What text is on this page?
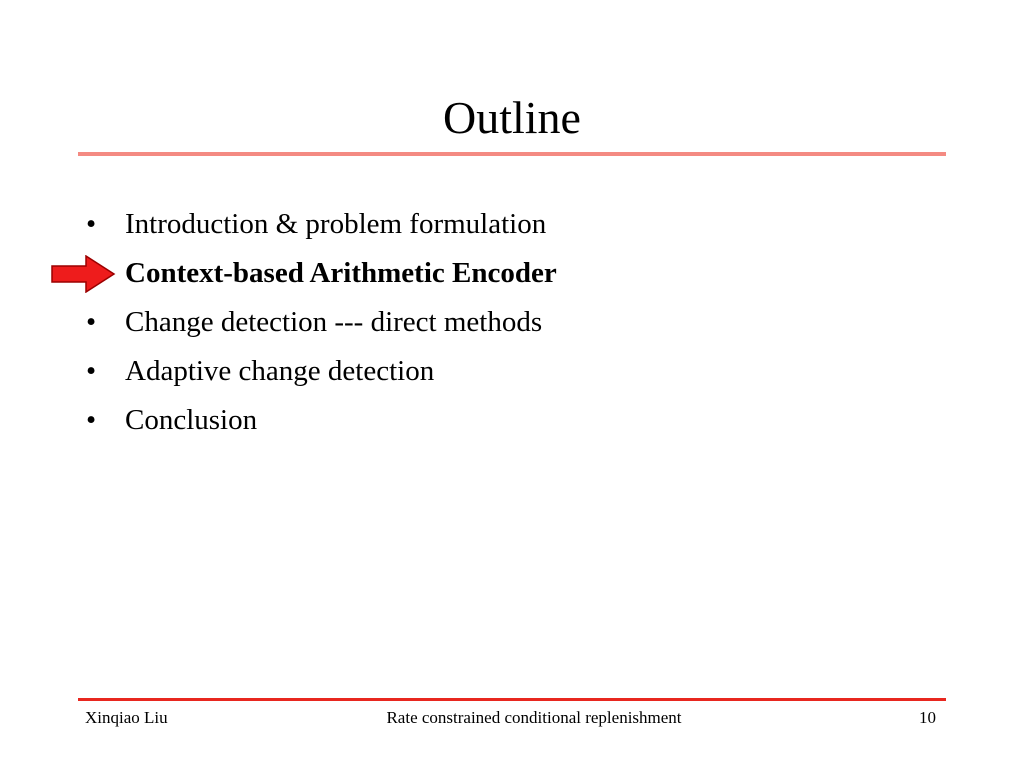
Outline
• Introduction & problem formulation
Context-based Arithmetic Encoder
• Change detection --- direct methods
• Adaptive change detection
• Conclusion
Xinqiao Liu	Rate constrained conditional replenishment	10
